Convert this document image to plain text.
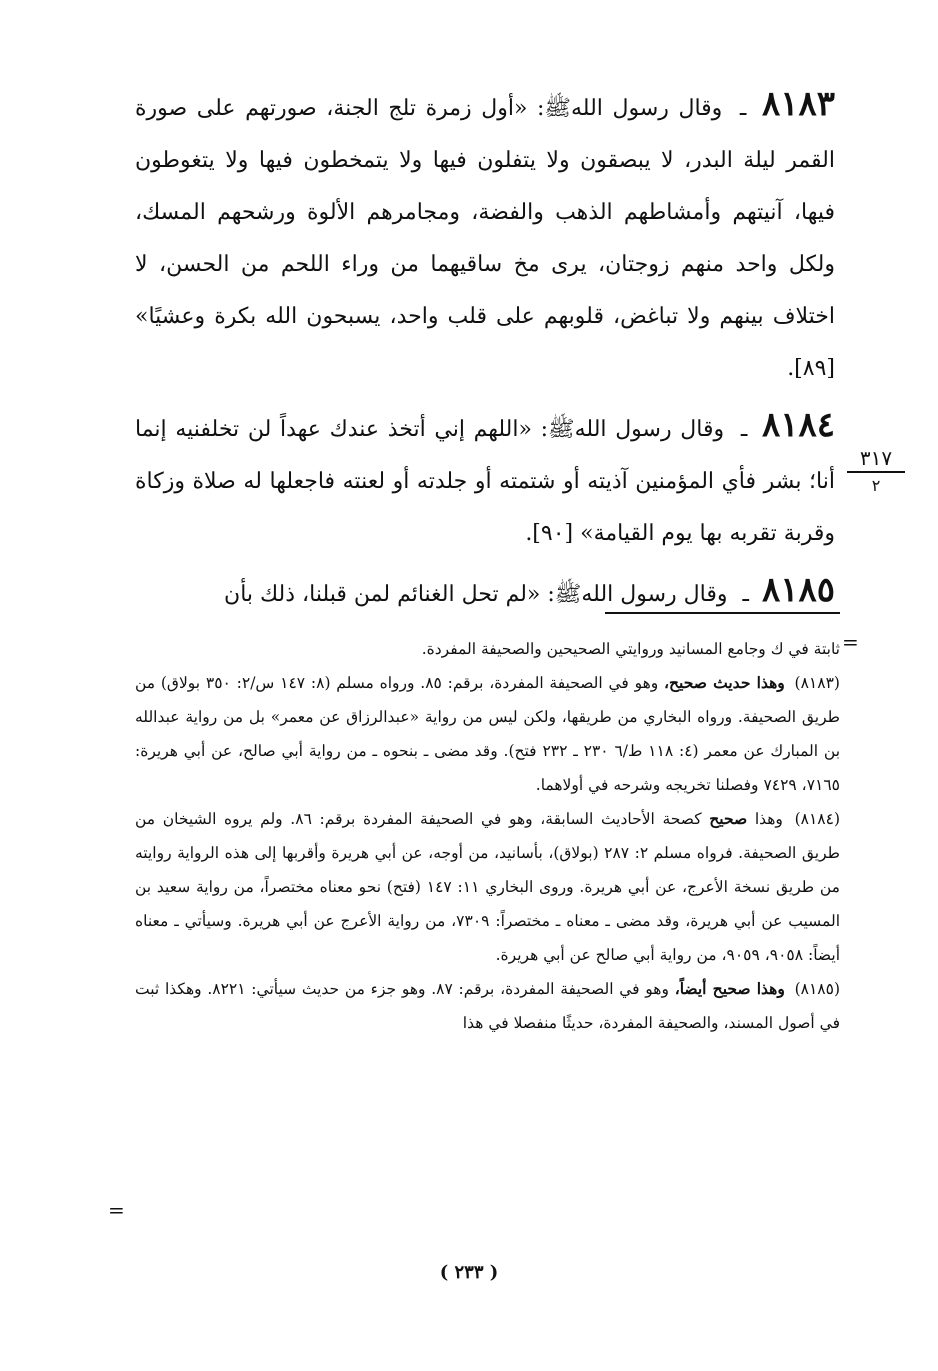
٨١٨٣ ـ وقال رسول اللهﷺ: «أول زمرة تلج الجنة، صورتهم على صورة القمر ليلة البدر، لا يبصقون ولا يتفلون فيها ولا يتمخطون فيها ولا يتغوطون فيها، آنيتهم وأمشاطهم الذهب والفضة، ومجامرهم الألوة ورشحهم المسك، ولكل واحد منهم زوجتان، يرى مخ ساقيهما من وراء اللحم من الحسن، لا اختلاف بينهم ولا تباغض، قلوبهم على قلب واحد، يسبحون الله بكرة وعشيًا» [٨٩].

٨١٨٤ ـ وقال رسول اللهﷺ: «اللهم إني أتخذ عندك عهداً لن تخلفنيه إنما أنا؛ بشر فأي المؤمنين آذيته أو شتمته أو جلدته أو لعنته فاجعلها له صلاة وزكاة وقربة تقربه بها يوم القيامة» [٩٠].

٨١٨٥ ـ وقال رسول اللهﷺ: «لم تحل الغنائم لمن قبلنا، ذلك بأن

٣١٧
٢
=
=

ثابتة في ك وجامع المسانيد وروايتي الصحيحين والصحيفة المفردة.

(٨١٨٣) وهذا حديث صحيح، وهو في الصحيفة المفردة، برقم: ٨٥. ورواه مسلم (٨: ١٤٧ س/٢: ٣٥٠ بولاق) من طريق الصحيفة. ورواه البخاري من طريقها، ولكن ليس من رواية «عبدالرزاق عن معمر» بل من رواية عبدالله بن المبارك عن معمر (٤: ١١٨ ط/٦ ٢٣٠ ـ ٢٣٢ فتح). وقد مضى ـ بنحوه ـ من رواية أبي صالح، عن أبي هريرة: ٧١٦٥، ٧٤٢٩ وفصلنا تخريجه وشرحه في أولاهما.

(٨١٨٤) وهذا صحيح كصحة الأحاديث السابقة، وهو في الصحيفة المفردة برقم: ٨٦. ولم يروه الشيخان من طريق الصحيفة. فرواه مسلم ٢: ٢٨٧ (بولاق)، بأسانيد، من أوجه، عن أبي هريرة وأقربها إلى هذه الرواية روايته من طريق نسخة الأعرج، عن أبي هريرة. وروى البخاري ١١: ١٤٧ (فتح) نحو معناه مختصراً، من رواية سعيد بن المسيب عن أبي هريرة، وقد مضى ـ معناه ـ مختصراً: ٧٣٠٩، من رواية الأعرج عن أبي هريرة. وسيأتي ـ معناه أيضاً: ٩٠٥٨، ٩٠٥٩، من رواية أبي صالح عن أبي هريرة.

(٨١٨٥) وهذا صحيح أيضاً، وهو في الصحيفة المفردة، برقم: ٨٧. وهو جزء من حديث سيأتي: ٨٢٢١. وهكذا ثبت في أصول المسند، والصحيفة المفردة، حديثًا منفصلا في هذا

( ٢٣٣ )
